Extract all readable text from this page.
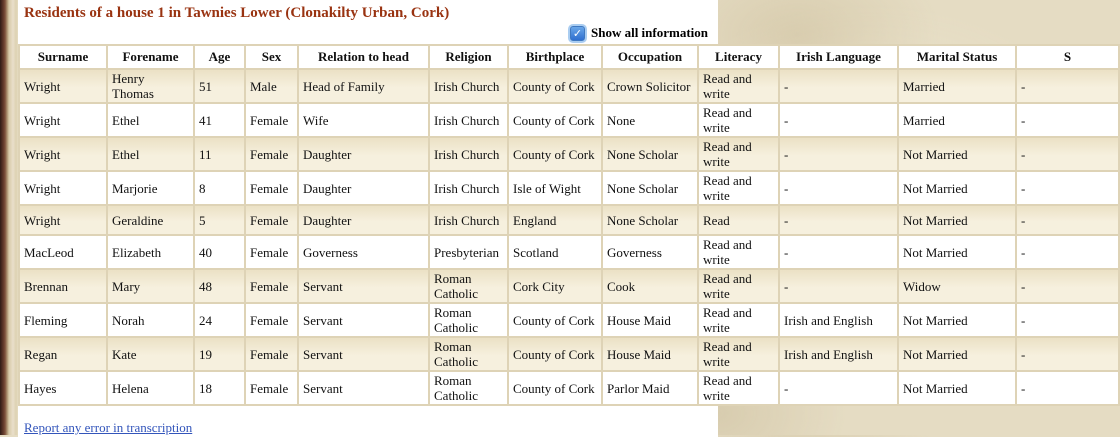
Residents of a house 1 in Tawnies Lower (Clonakilty Urban, Cork)
✓ Show all information
Surname	Forename	Age	Sex	Relation to head	Religion	Birthplace	Occupation	Literacy	Irish Language	Marital Status	S
Wright	Henry Thomas	51	Male	Head of Family	Irish Church	County of Cork	Crown Solicitor	Read and write	-	Married	-
Wright	Ethel	41	Female	Wife	Irish Church	County of Cork	None	Read and write	-	Married	-
Wright	Ethel	11	Female	Daughter	Irish Church	County of Cork	None Scholar	Read and write	-	Not Married	-
Wright	Marjorie	8	Female	Daughter	Irish Church	Isle of Wight	None Scholar	Read and write	-	Not Married	-
Wright	Geraldine	5	Female	Daughter	Irish Church	England	None Scholar	Read	-	Not Married	-
MacLeod	Elizabeth	40	Female	Governess	Presbyterian	Scotland	Governess	Read and write	-	Not Married	-
Brennan	Mary	48	Female	Servant	Roman Catholic	Cork City	Cook	Read and write	-	Widow	-
Fleming	Norah	24	Female	Servant	Roman Catholic	County of Cork	House Maid	Read and write	Irish and English	Not Married	-
Regan	Kate	19	Female	Servant	Roman Catholic	County of Cork	House Maid	Read and write	Irish and English	Not Married	-
Hayes	Helena	18	Female	Servant	Roman Catholic	County of Cork	Parlor Maid	Read and write	-	Not Married	-
Report any error in transcription
